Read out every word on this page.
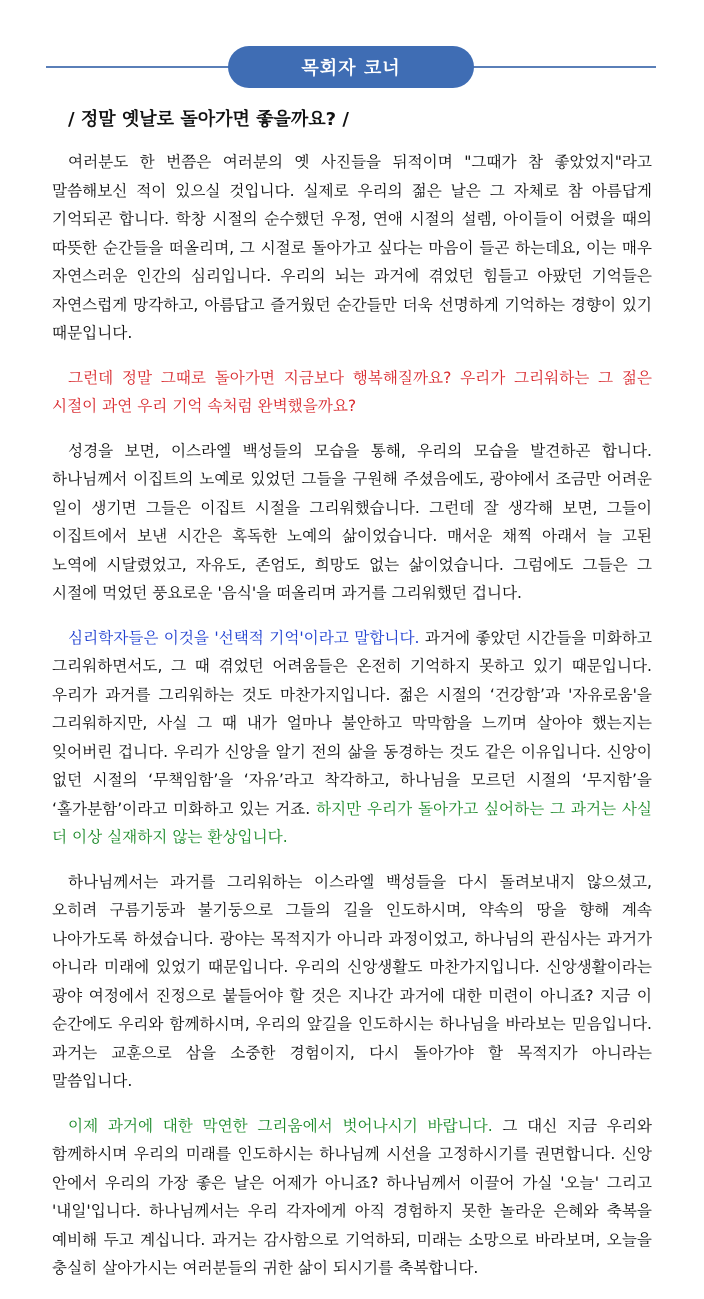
목회자 코너
/ 정말 옛날로 돌아가면 좋을까요? /

여러분도 한 번쯤은 여러분의 옛 사진들을 뒤적이며 "그때가 참 좋았었지"라고 말씀해보신 적이 있으실 것입니다. 실제로 우리의 젊은 날은 그 자체로 참 아름답게 기억되곤 합니다. 학창 시절의 순수했던 우정, 연애 시절의 설렘, 아이들이 어렸을 때의 따뜻한 순간들을 떠올리며, 그 시절로 돌아가고 싶다는 마음이 들곤 하는데요, 이는 매우 자연스러운 인간의 심리입니다. 우리의 뇌는 과거에 겪었던 힘들고 아팠던 기억들은 자연스럽게 망각하고, 아름답고 즐거웠던 순간들만 더욱 선명하게 기억하는 경향이 있기 때문입니다.

그런데 정말 그때로 돌아가면 지금보다 행복해질까요? 우리가 그리워하는 그 젊은 시절이 과연 우리 기억 속처럼 완벽했을까요?

성경을 보면, 이스라엘 백성들의 모습을 통해, 우리의 모습을 발견하곤 합니다. 하나님께서 이집트의 노예로 있었던 그들을 구원해 주셨음에도, 광야에서 조금만 어려운 일이 생기면 그들은 이집트 시절을 그리워했습니다. 그런데 잘 생각해 보면, 그들이 이집트에서 보낸 시간은 혹독한 노예의 삶이었습니다. 매서운 채찍 아래서 늘 고된 노역에 시달렸었고, 자유도, 존엄도, 희망도 없는 삶이었습니다. 그럼에도 그들은 그 시절에 먹었던 풍요로운 '음식'을 떠올리며 과거를 그리워했던 겁니다.

심리학자들은 이것을 '선택적 기억'이라고 말합니다. 과거에 좋았던 시간들을 미화하고 그리워하면서도, 그 때 겪었던 어려움들은 온전히 기억하지 못하고 있기 때문입니다. 우리가 과거를 그리워하는 것도 마찬가지입니다. 젊은 시절의 ‘건강함’과 '자유로움'을 그리워하지만, 사실 그 때 내가 얼마나 불안하고 막막함을 느끼며 살아야 했는지는 잊어버린 겁니다. 우리가 신앙을 알기 전의 삶을 동경하는 것도 같은 이유입니다. 신앙이 없던 시절의 ‘무책임함’을 ‘자유’라고 착각하고, 하나님을 모르던 시절의 ‘무지함’을 ‘홀가분함’이라고 미화하고 있는 거죠. 하지만 우리가 돌아가고 싶어하는 그 과거는 사실 더 이상 실재하지 않는 환상입니다.

하나님께서는 과거를 그리워하는 이스라엘 백성들을 다시 돌려보내지 않으셨고, 오히려 구름기둥과 불기둥으로 그들의 길을 인도하시며, 약속의 땅을 향해 계속 나아가도록 하셨습니다. 광야는 목적지가 아니라 과정이었고, 하나님의 관심사는 과거가 아니라 미래에 있었기 때문입니다. 우리의 신앙생활도 마찬가지입니다. 신앙생활이라는 광야 여정에서 진정으로 붙들어야 할 것은 지나간 과거에 대한 미련이 아니죠? 지금 이 순간에도 우리와 함께하시며, 우리의 앞길을 인도하시는 하나님을 바라보는 믿음입니다. 과거는 교훈으로 삼을 소중한 경험이지, 다시 돌아가야 할 목적지가 아니라는 말씀입니다.

이제 과거에 대한 막연한 그리움에서 벗어나시기 바랍니다. 그 대신 지금 우리와 함께하시며 우리의 미래를 인도하시는 하나님께 시선을 고정하시기를 권면합니다. 신앙 안에서 우리의 가장 좋은 날은 어제가 아니죠? 하나님께서 이끌어 가실 '오늘' 그리고 '내일'입니다. 하나님께서는 우리 각자에게 아직 경험하지 못한 놀라운 은혜와 축복을 예비해 두고 계십니다. 과거는 감사함으로 기억하되, 미래는 소망으로 바라보며, 오늘을 충실히 살아가시는 여러분들의 귀한 삶이 되시기를 축복합니다.
